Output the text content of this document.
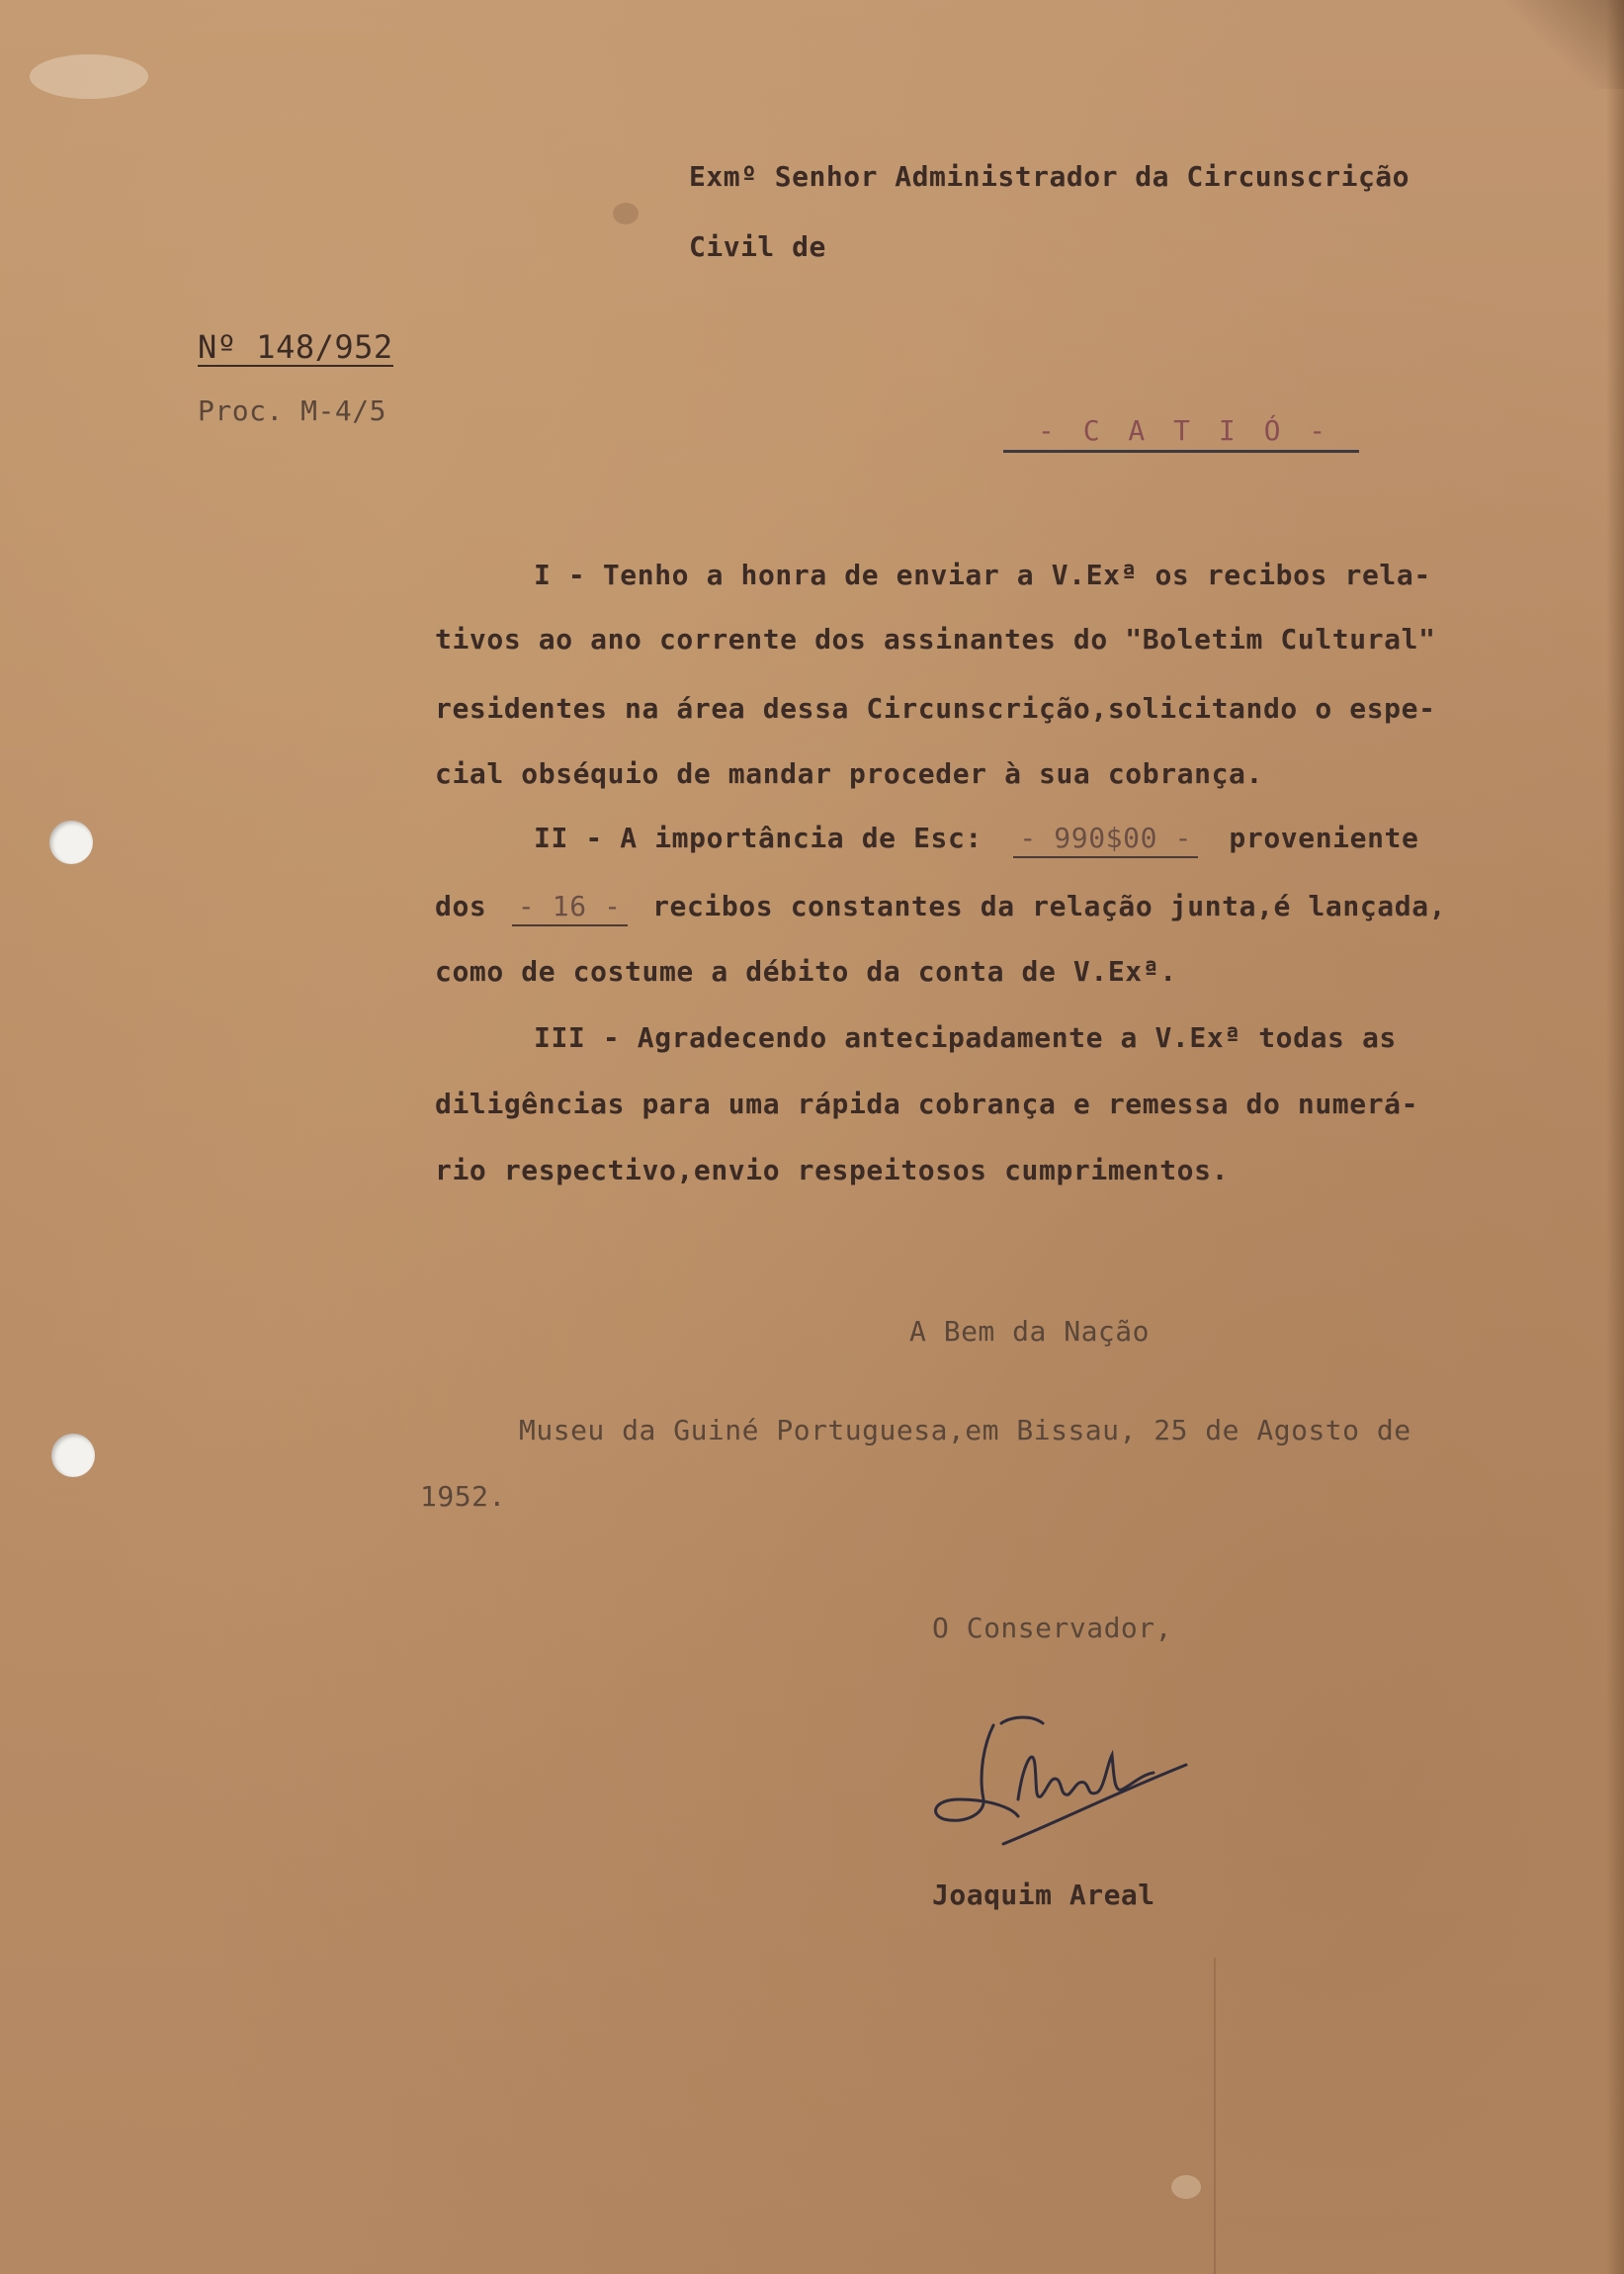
Exmº Senhor Administrador da Circunscrição
Civil de
Nº 148/952
Proc. M-4/5
- C A T I Ó -
I - Tenho a honra de enviar a V.Exª os recibos rela-
tivos ao ano corrente dos assinantes do "Boletim Cultural"
residentes na área dessa Circunscrição,solicitando o espe-
cial obséquio de mandar proceder à sua cobrança.
II - A importância de Esc: - 990$00 - proveniente
dos - 16 - recibos constantes da relação junta,é lançada,
como de costume a débito da conta de V.Exª.
III - Agradecendo antecipadamente a V.Exª todas as
diligências para uma rápida cobrança e remessa do numerá-
rio respectivo,envio respeitosos cumprimentos.
A Bem da Nação
Museu da Guiné Portuguesa,em Bissau, 25 de Agosto de
1952.
O Conservador,
Joaquim Areal
